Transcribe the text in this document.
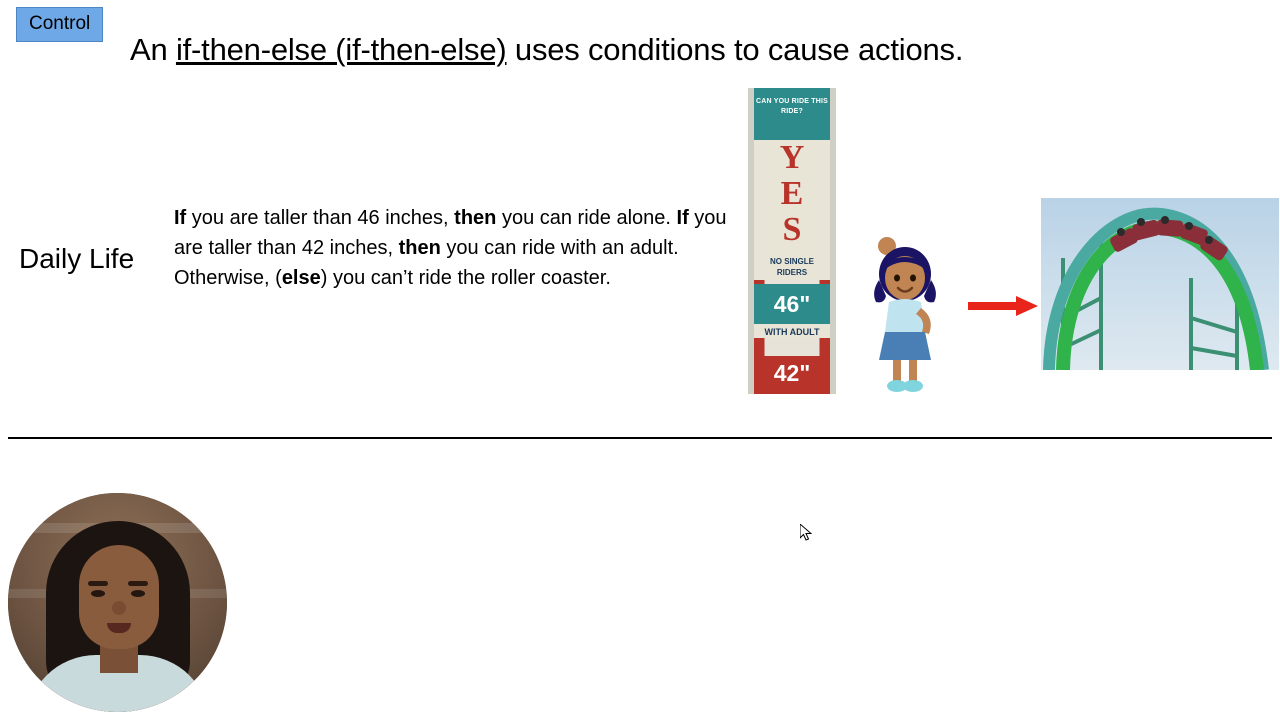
Control
An if-then-else (if-then-else) uses conditions to cause actions.
Daily Life
If you are taller than 46 inches, then you can ride alone. If you are taller than 42 inches, then you can ride with an adult. Otherwise, (else) you can’t ride the roller coaster.
CAN YOU RIDE THIS RIDE?
Y
E
S
NO SINGLE RIDERS
46"
WITH ADULT
42"
